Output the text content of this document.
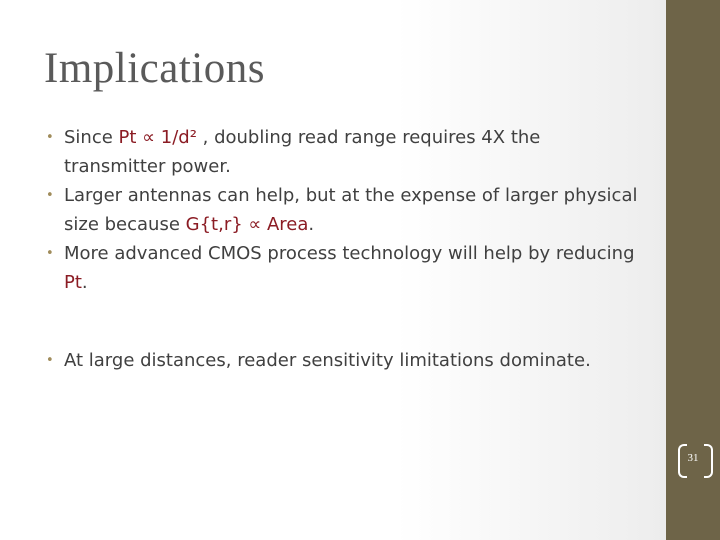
Implications
• Since Pt ∝ 1/d² , doubling read range requires 4X the transmitter power.
• Larger antennas can help, but at the expense of larger physical size because G{t,r} ∝ Area.
• More advanced CMOS process technology will help by reducing Pt.
• At large distances, reader sensitivity limitations dominate.
31
